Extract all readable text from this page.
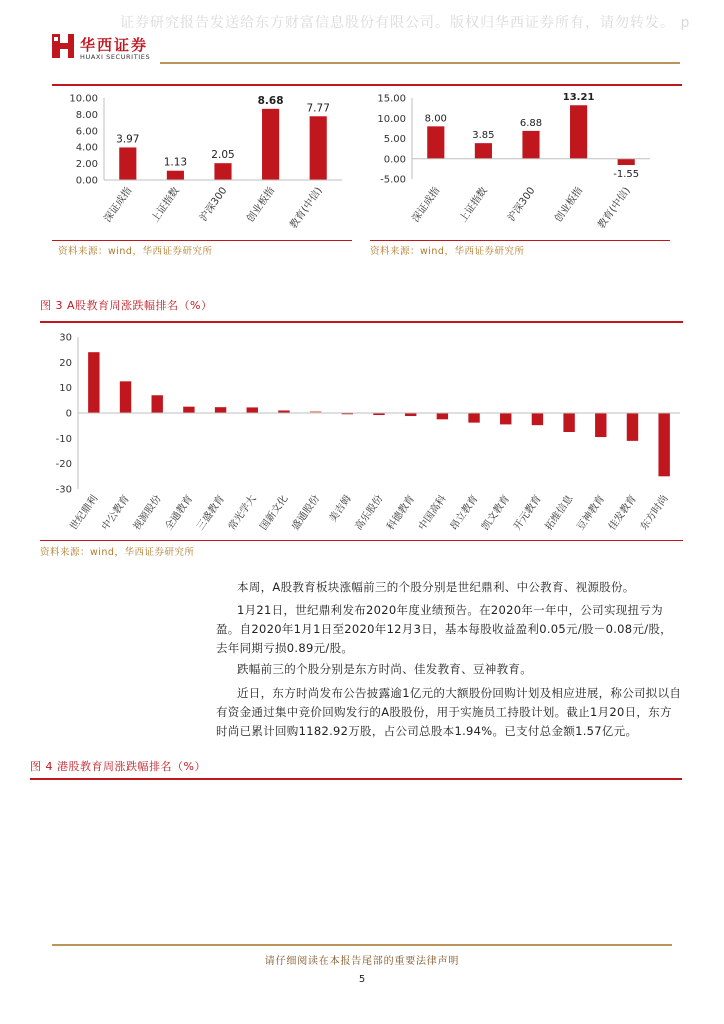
证券研究报告发送给东方财富信息股份有限公司。版权归华西证券所有，请勿转发。 p
华西证券
HUAXI SECURITIES
10.00
8.00
6.00
4.00
2.00
0.00
3.97
深证成指
1.13
上证指数
2.05
沪深300
8.68
创业板指
7.77
教育(中信)
15.00
10.00
5.00
0.00
-5.00
8.00
深证成指
3.85
上证指数
6.88
沪深300
13.21
创业板指
-1.55
教育(中信)
资料来源：wind，华西证券研究所	资料来源：wind，华西证券研究所
图 3 A股教育周涨跌幅排名（%）
30
20
10
0
-10
-20
-30
世纪鼎利 中公教育 视源股份 全通教育 三盛教育 常光学大 国新文化 盛通股份 美吉姆 高乐股份 科德教育 中国高科 昂立教育 凯文教育 开元教育 拓维信息 豆神教育 佳发教育 东方时尚
资料来源：wind，华西证券研究所
本周，A股教育板块涨幅前三的个股分别是世纪鼎利、中公教育、视源股份。
1月21日，世纪鼎利发布2020年度业绩预告。在2020年一年中，公司实现扭亏为盈。自2020年1月1日至2020年12月3日，基本每股收益盈利0.05元/股－0.08元/股，去年同期亏损0.89元/股。
跌幅前三的个股分别是东方时尚、佳发教育、豆神教育。
近日，东方时尚发布公告披露逾1亿元的大额股份回购计划及相应进展，称公司拟以自有资金通过集中竞价回购发行的A股股份，用于实施员工持股计划。截止1月20日，东方时尚已累计回购1182.92万股，占公司总股本1.94%。已支付总金额1.57亿元。
图 4 港股教育周涨跌幅排名（%）
请仔细阅读在本报告尾部的重要法律声明
5
